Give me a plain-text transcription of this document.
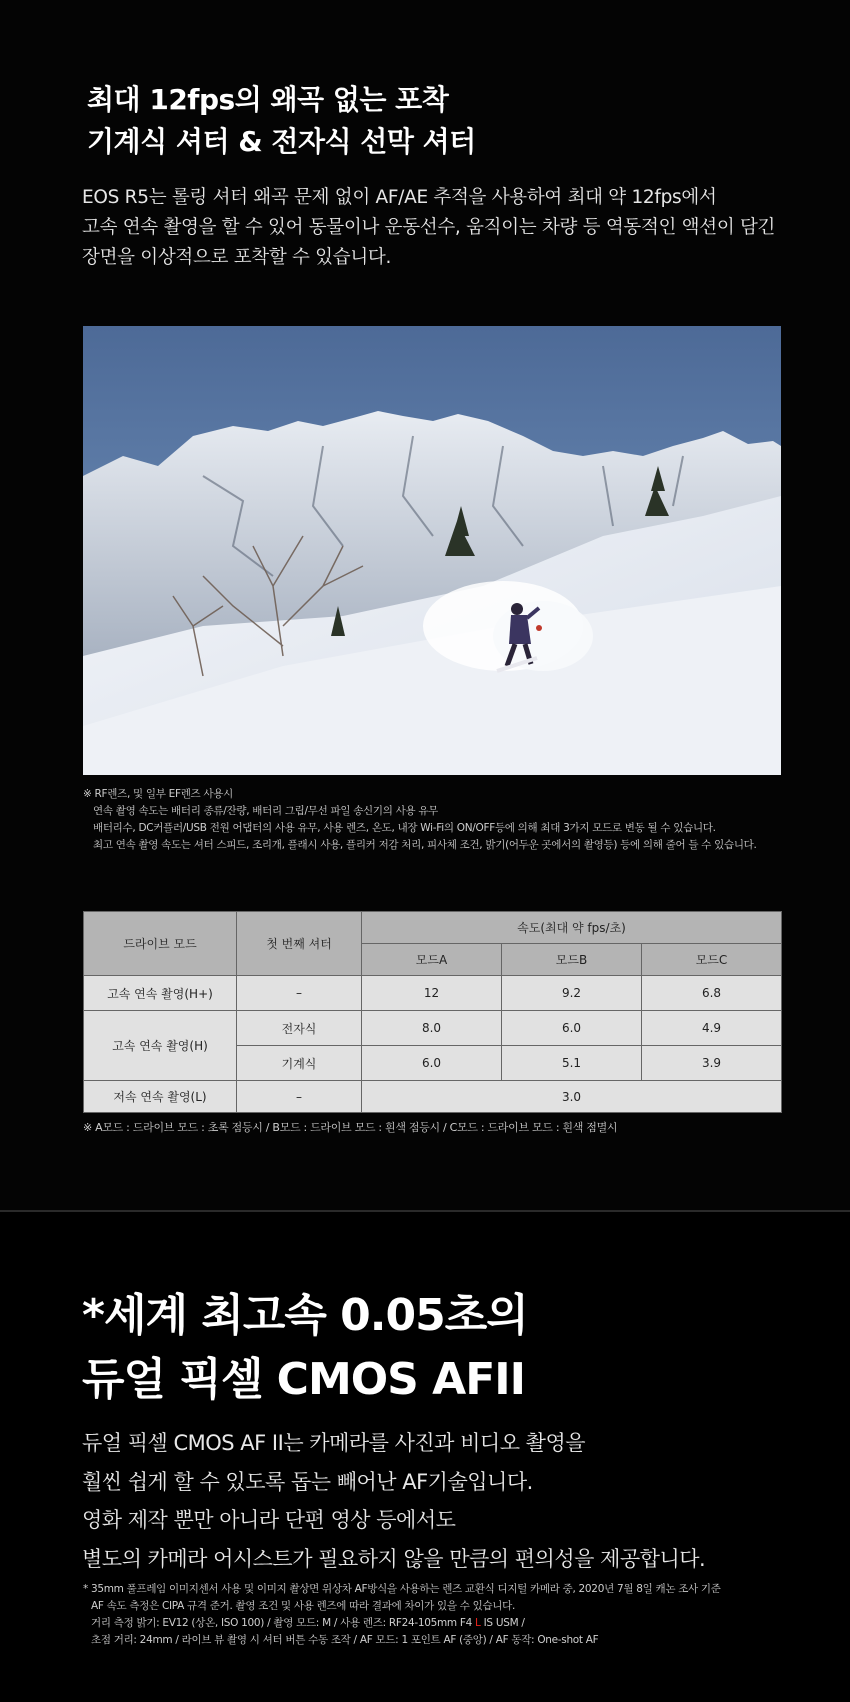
최대 12fps의 왜곡 없는 포착
기계식 셔터 & 전자식 선막 셔터
EOS R5는 롤링 셔터 왜곡 문제 없이 AF/AE 추적을 사용하여 최대 약 12fps에서
고속 연속 촬영을 할 수 있어 동물이나 운동선수, 움직이는 차량 등 역동적인 액션이 담긴
장면을 이상적으로 포착할 수 있습니다.
※ RF렌즈, 및 일부 EF렌즈 사용시
연속 촬영 속도는 배터리 종류/잔량, 배터리 그립/무선 파일 송신기의 사용 유무
배터리수, DC커플러/USB 전원 어댑터의 사용 유무, 사용 렌즈, 온도, 내장 Wi-Fi의 ON/OFF등에 의해 최대 3가지 모드로 변동 될 수 있습니다.
최고 연속 촬영 속도는 셔터 스피드, 조리개, 플래시 사용, 플리커 저감 처리, 피사체 조건, 밝기(어두운 곳에서의 촬영등) 등에 의해 줄어 들 수 있습니다.
드라이브 모드	첫 번째 셔터	속도(최대 약 fps/초)		
		모드A	모드B	모드C
고속 연속 촬영(H+)	–	12	9.2	6.8
고속 연속 촬영(H)	전자식	8.0	6.0	4.9
	기계식	6.0	5.1	3.9
저속 연속 촬영(L)	–	3.0		
※ A모드 : 드라이브 모드 : 초록 점등시 / B모드 : 드라이브 모드 : 흰색 점등시 / C모드 : 드라이브 모드 : 흰색 점멸시
*세계 최고속 0.05초의
듀얼 픽셀 CMOS AFII
듀얼 픽셀 CMOS AF II는 카메라를 사진과 비디오 촬영을
훨씬 쉽게 할 수 있도록 돕는 빼어난 AF기술입니다.
영화 제작 뿐만 아니라 단편 영상 등에서도
별도의 카메라 어시스트가 필요하지 않을 만큼의 편의성을 제공합니다.
* 35mm 풀프레임 이미지센서 사용 및 이미지 촬상면 위상차 AF방식을 사용하는 렌즈 교환식 디지털 카메라 중, 2020년 7월 8일 캐논 조사 기준
AF 속도 측정은 CIPA 규격 준거. 촬영 조건 및 사용 렌즈에 따라 결과에 차이가 있을 수 있습니다.
거리 측정 밝기: EV12 (상온, ISO 100) / 촬영 모드: M / 사용 렌즈: RF24-105mm F4 L IS USM /
초점 거리: 24mm / 라이브 뷰 촬영 시 셔터 버튼 수동 조작 / AF 모드: 1 포인트 AF (중앙) / AF 동작: One-shot AF
